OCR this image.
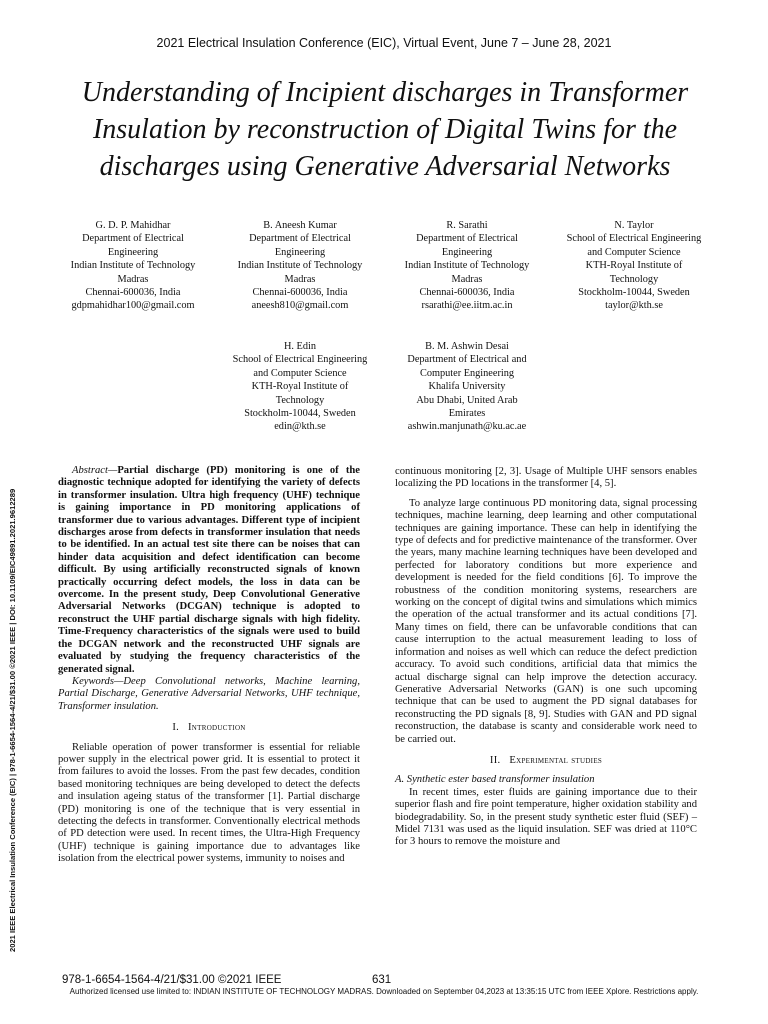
2021 Electrical Insulation Conference (EIC), Virtual Event, June 7 – June 28, 2021
Understanding of Incipient discharges in Transformer Insulation by reconstruction of Digital Twins for the discharges using Generative Adversarial Networks
G. D. P. Mahidhar
Department of Electrical
Engineering
Indian Institute of Technology
Madras
Chennai-600036, India
gdpmahidhar100@gmail.com
B. Aneesh Kumar
Department of Electrical
Engineering
Indian Institute of Technology
Madras
Chennai-600036, India
aneesh810@gmail.com
R. Sarathi
Department of Electrical
Engineering
Indian Institute of Technology
Madras
Chennai-600036, India
rsarathi@ee.iitm.ac.in
N. Taylor
School of Electrical Engineering
and Computer Science
KTH-Royal Institute of
Technology
Stockholm-10044, Sweden
taylor@kth.se
H. Edin
School of Electrical Engineering
and Computer Science
KTH-Royal Institute of
Technology
Stockholm-10044, Sweden
edin@kth.se
B. M. Ashwin Desai
Department of Electrical and
Computer Engineering
Khalifa University
Abu Dhabi, United Arab
Emirates
ashwin.manjunath@ku.ac.ae
2021 IEEE Electrical Insulation Conference (EIC) | 978-1-6654-1564-4/21/$31.00 ©2021 IEEE | DOI: 10.1109/EIC49891.2021.9612289

Abstract—Partial discharge (PD) monitoring is one of the diagnostic technique adopted for identifying the variety of defects in transformer insulation. Ultra high frequency (UHF) technique is gaining importance in PD monitoring applications of transformer due to various advantages. Different type of incipient discharges arose from defects in transformer insulation that needs to be identified. In an actual test site there can be noises that can hinder data acquisition and defect identification can become difficult. By using artificially reconstructed signals of known practically occurring defect models, the loss in data can be overcome. In the present study, Deep Convolutional Generative Adversarial Networks (DCGAN) technique is adopted to reconstruct the UHF partial discharge signals with high fidelity. Time-Frequency characteristics of the signals were used to build the DCGAN network and the reconstructed UHF signals are evaluated by studying the frequency characteristics of the generated signal.

Keywords—Deep Convolutional networks, Machine learning, Partial Discharge, Generative Adversarial Networks, UHF technique, Transformer insulation.

I. Introduction

Reliable operation of power transformer is essential for reliable power supply in the electrical power grid. It is essential to protect it from failures to avoid the losses. From the past few decades, condition based monitoring techniques are being developed to detect the defects and insulation ageing status of the transformer [1]. Partial discharge (PD) monitoring is one of the technique that is very essential in detecting the defects in transformer. Conventionally electrical methods of PD detection were used. In recent times, the Ultra-High Frequency (UHF) technique is gaining importance due to advantages like isolation from the electrical power systems, immunity to noises and

continuous monitoring [2, 3]. Usage of Multiple UHF sensors enables localizing the PD locations in the transformer [4, 5].

To analyze large continuous PD monitoring data, signal processing techniques, machine learning, deep learning and other computational techniques are gaining importance. These can help in identifying the type of defects and for predictive maintenance of the transformer. Over the years, many machine learning techniques have been developed and perfected for laboratory conditions but more experience and development is needed for the field conditions [6]. To improve the robustness of the condition monitoring systems, researchers are working on the concept of digital twins and simulations which mimics the operation of the actual transformer and its actual conditions [7]. Many times on field, there can be unfavorable conditions that can cause interruption to the actual measurement leading to loss of information and noises as well which can reduce the defect prediction accuracy. To avoid such conditions, artificial data that mimics the actual discharge signal can help improve the detection accuracy. Generative Adversarial Networks (GAN) is one such upcoming technique that can be used to augment the PD signal databases for reconstructing the PD signals [8, 9]. Studies with GAN and PD signal reconstruction, the database is scanty and considerable work need to be carried out.

II. Experimental studies

A. Synthetic ester based transformer insulation

In recent times, ester fluids are gaining importance due to their superior flash and fire point temperature, higher oxidation stability and biodegradability. So, in the present study synthetic ester fluid (SEF) – Midel 7131 was used as the liquid insulation. SEF was dried at 110°C for 3 hours to remove the moisture and

978-1-6654-1564-4/21/$31.00 ©2021 IEEE	631
Authorized licensed use limited to: INDIAN INSTITUTE OF TECHNOLOGY MADRAS. Downloaded on September 04,2023 at 13:35:15 UTC from IEEE Xplore. Restrictions apply.
